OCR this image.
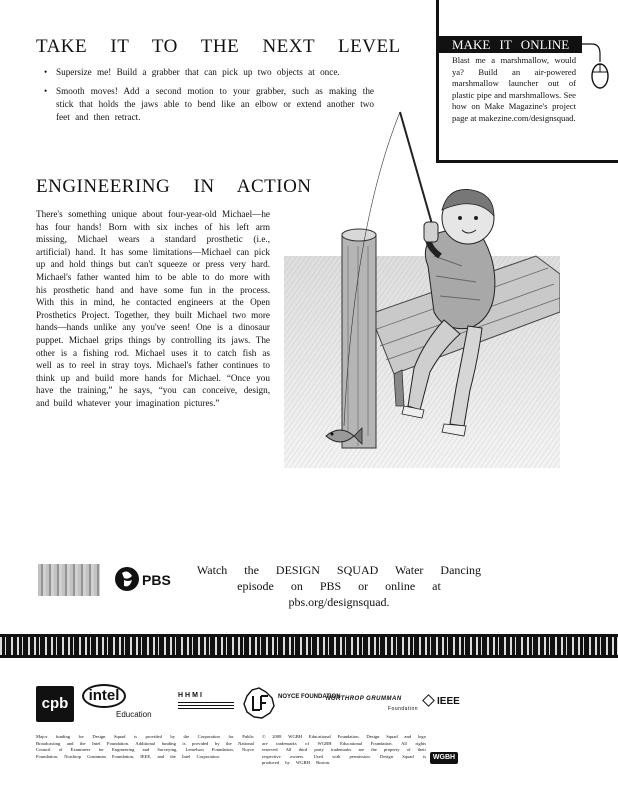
TAKE IT TO THE NEXT LEVEL
• Supersize me! Build a grabber that can pick up two objects at once.
• Smooth moves! Add a second motion to your grabber, such as making the stick that holds the jaws able to bend like an elbow or extend another two feet and then retract.
MAKE IT ONLINE

Blast me a marshmallow, would ya? Build an air-powered marshmallow launcher out of plastic pipe and marshmallows. See how on Make Magazine's project page at makezine.com/designsquad.

ENGINEERING IN ACTION

There's something unique about four-year-old Michael—he has four hands! Born with six inches of his left arm missing, Michael wears a standard prosthetic (i.e., artificial) hand. It has some limitations—Michael can pick up and hold things but can't squeeze or press very hard. Michael's father wanted him to be able to do more with his prosthetic hand and have some fun in the process. With this in mind, he contacted engineers at the Open Prosthetics Project. Together, they built Michael two more hands—hands unlike any you've seen! One is a dinosaur puppet. Michael grips things by controlling its jaws. The other is a fishing rod. Michael uses it to catch fish as well as to reel in stray toys. Michael's father continues to think up and build more hands for Michael. “Once you have the training,” he says, “you can conceive, design, and build whatever your imagination pictures.”

PBS
Watch the DESIGN SQUAD Water Dancing
episode on PBS or online at pbs.org/designsquad.
cpb	intel
Education
HHMI	NOYCE FOUNDATION
NORTHROP GRUMMAN
Foundation
IEEE

Major funding for Design Squad is provided by the Corporation for Public Broadcasting and the Intel Foundation. Additional funding is provided by the National Council of Examiners for Engineering and Surveying, Lemelson Foundation, Noyce Foundation, Northrop Grumman Foundation, IEEE, and the Intel Corporation.

© 2008 WGBH Educational Foundation. Design Squad and logo are trademarks of WGBH Educational Foundation. All rights reserved. All third party trademarks are the property of their respective owners. Used with permission. Design Squad is produced by WGBH Boston.

WGBH
